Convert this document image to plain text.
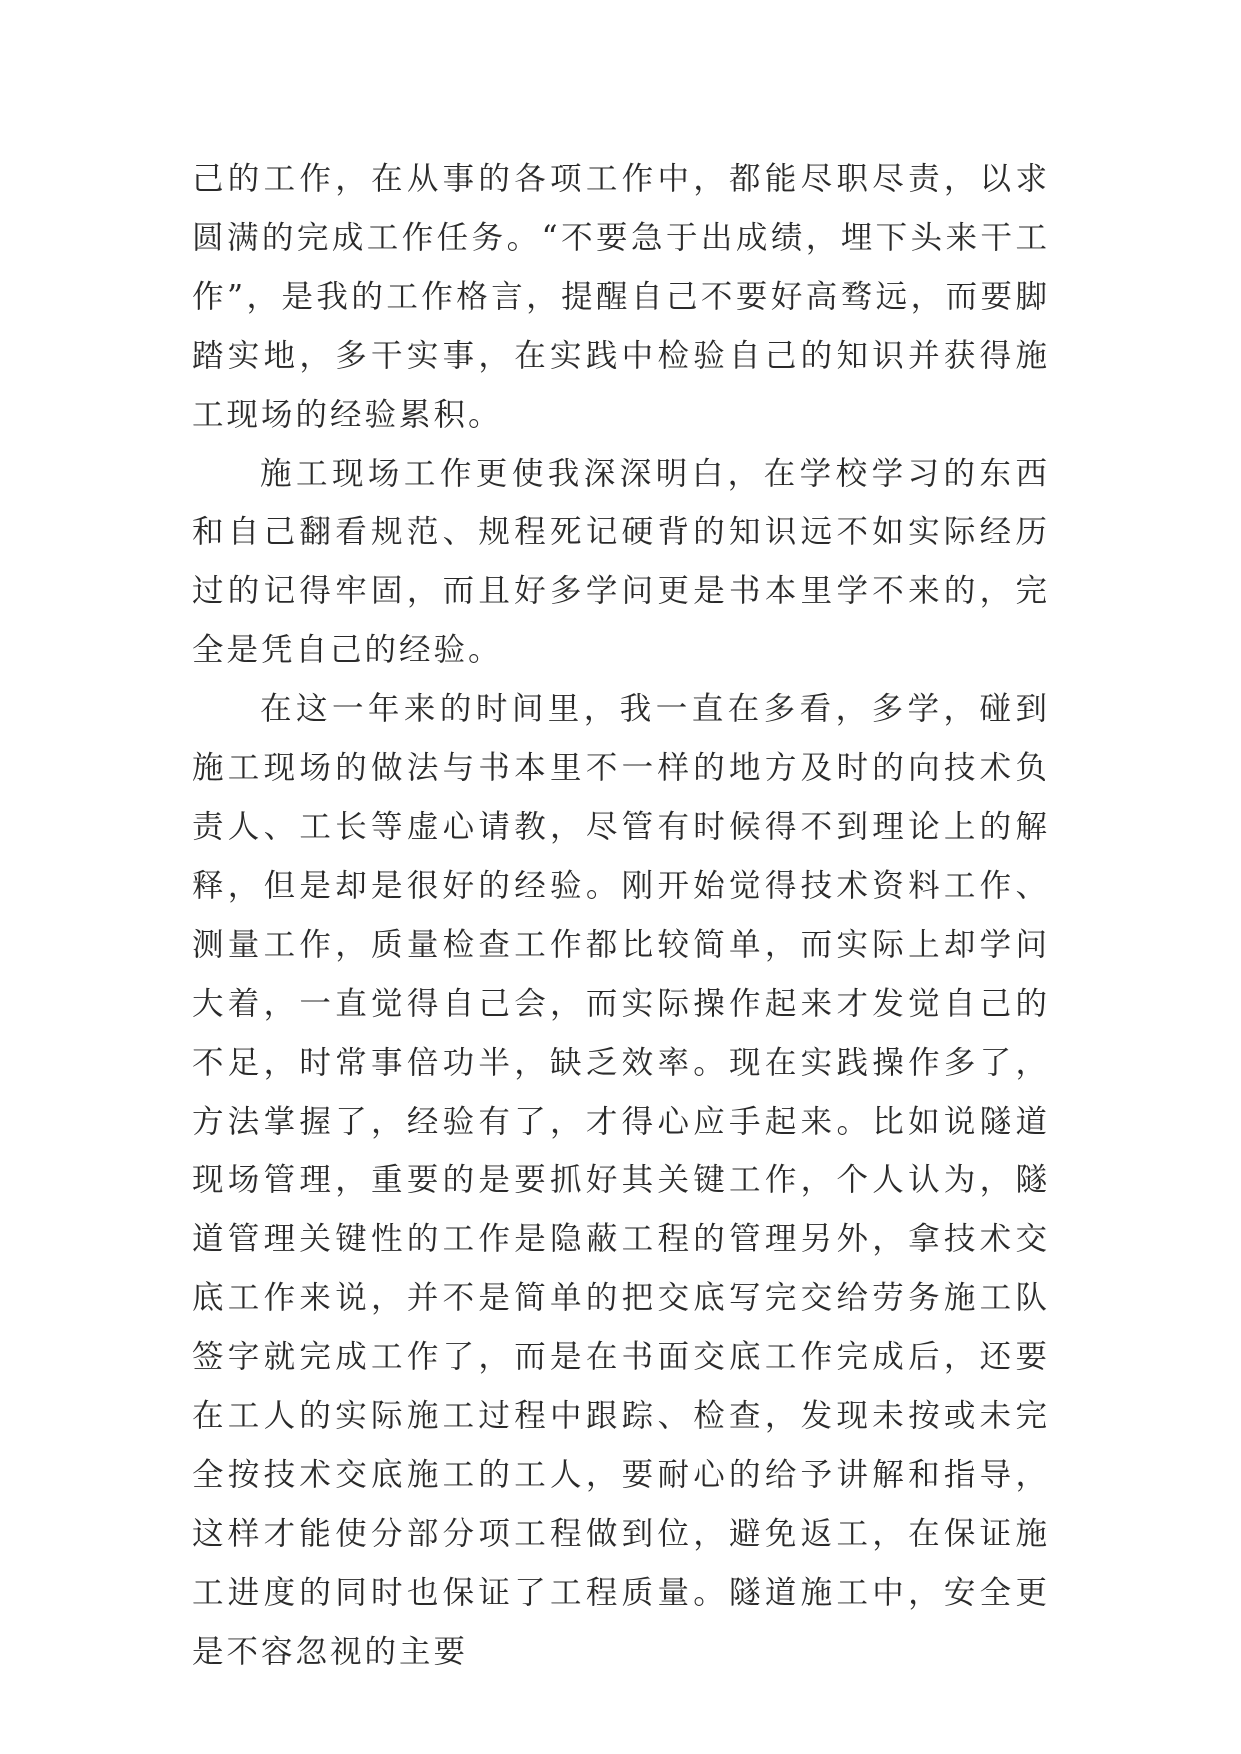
己的工作，在从事的各项工作中，都能尽职尽责，以求圆满的完成工作任务。“不要急于出成绩，埋下头来干工作”，是我的工作格言，提醒自己不要好高骛远，而要脚踏实地，多干实事，在实践中检验自己的知识并获得施工现场的经验累积。

施工现场工作更使我深深明白，在学校学习的东西和自己翻看规范、规程死记硬背的知识远不如实际经历过的记得牢固，而且好多学问更是书本里学不来的，完全是凭自己的经验。

在这一年来的时间里，我一直在多看，多学，碰到施工现场的做法与书本里不一样的地方及时的向技术负责人、工长等虚心请教，尽管有时候得不到理论上的解释，但是却是很好的经验。刚开始觉得技术资料工作、测量工作，质量检查工作都比较简单，而实际上却学问大着，一直觉得自己会，而实际操作起来才发觉自己的不足，时常事倍功半，缺乏效率。现在实践操作多了，方法掌握了，经验有了，才得心应手起来。比如说隧道现场管理，重要的是要抓好其关键工作，个人认为，隧道管理关键性的工作是隐蔽工程的管理另外，拿技术交底工作来说，并不是简单的把交底写完交给劳务施工队签字就完成工作了，而是在书面交底工作完成后，还要在工人的实际施工过程中跟踪、检查，发现未按或未完全按技术交底施工的工人，要耐心的给予讲解和指导，这样才能使分部分项工程做到位，避免返工，在保证施工进度的同时也保证了工程质量。隧道施工中，安全更是不容忽视的主要
